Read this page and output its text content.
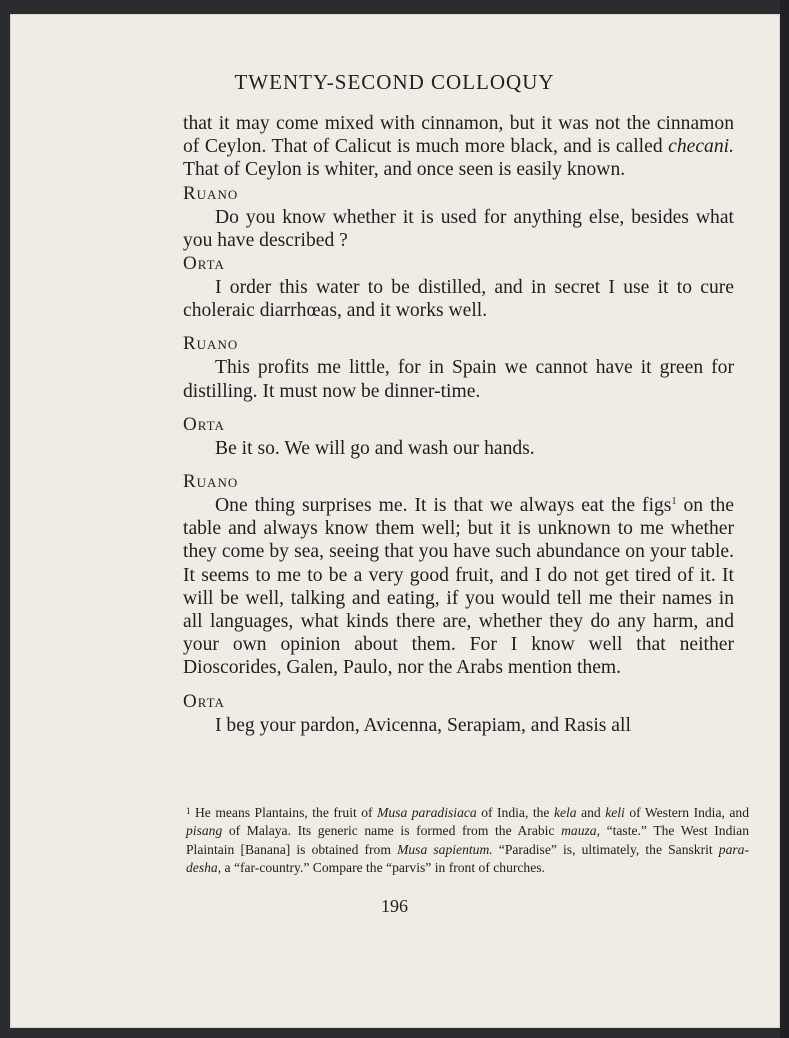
TWENTY-SECOND COLLOQUY

that it may come mixed with cinnamon, but it was not the cinnamon of Ceylon. That of Calicut is much more black, and is called checani. That of Ceylon is whiter, and once seen is easily known.

Ruano

Do you know whether it is used for anything else, besides what you have described ?

Orta

I order this water to be distilled, and in secret I use it to cure choleraic diarrhœas, and it works well.

Ruano

This profits me little, for in Spain we cannot have it green for distilling. It must now be dinner-time.

Orta

Be it so. We will go and wash our hands.

Ruano

One thing surprises me. It is that we always eat the figs$^1$ on the table and always know them well; but it is unknown to me whether they come by sea, seeing that you have such abundance on your table. It seems to me to be a very good fruit, and I do not get tired of it. It will be well, talking and eating, if you would tell me their names in all languages, what kinds there are, whether they do any harm, and your own opinion about them. For I know well that neither Dioscorides, Galen, Paulo, nor the Arabs mention them.

Orta

I beg your pardon, Avicenna, Serapiam, and Rasis all

$^1$ He means Plantains, the fruit of Musa paradisiaca of India, the kela and keli of Western India, and pisang of Malaya. Its generic name is formed from the Arabic mauza, “taste.” The West Indian Plaintain [Banana] is obtained from Musa sapientum. “Paradise” is, ultimately, the Sanskrit para-desha, a “far-country.” Compare the “parvis” in front of churches.
196
